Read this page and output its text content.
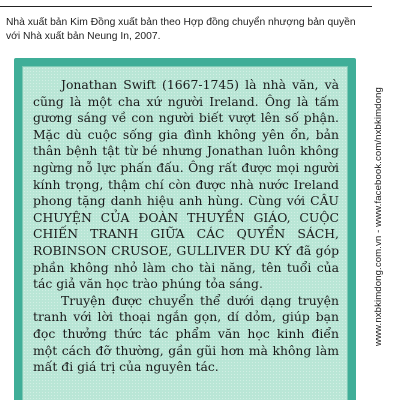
Nhà xuất bản Kim Đồng xuất bản theo Hợp đồng chuyển nhượng bản quyền với Nhà xuất bản Neung In, 2007.

Jonathan Swift (1667-1745) là nhà văn, và cũng là một cha xứ người Ireland. Ông là tấm gương sáng về con người biết vượt lên số phận. Mặc dù cuộc sống gia đình không yên ổn, bản thân bệnh tật từ bé nhưng Jonathan luôn không ngừng nỗ lực phấn đấu. Ông rất được mọi người kính trọng, thậm chí còn được nhà nước Ireland phong tặng danh hiệu anh hùng. Cùng với CÂU CHUYỆN CỦA ĐOÀN THUYỀN GIÁO, CUỘC CHIẾN TRANH GIỮA CÁC QUYỂN SÁCH, ROBINSON CRUSOE, GULLIVER DU KÝ đã góp phần không nhỏ làm cho tài năng, tên tuổi của tác giả văn học trào phúng tỏa sáng.

Truyện được chuyển thể dưới dạng truyện tranh với lời thoại ngắn gọn, dí dỏm, giúp bạn đọc thưởng thức tác phẩm văn học kinh điển một cách đỡ thường, gần gũi hơn mà không làm mất đi giá trị của nguyên tác.

www.nxbkimdong.com.vn - www.facebook.com/nxbkimdong
